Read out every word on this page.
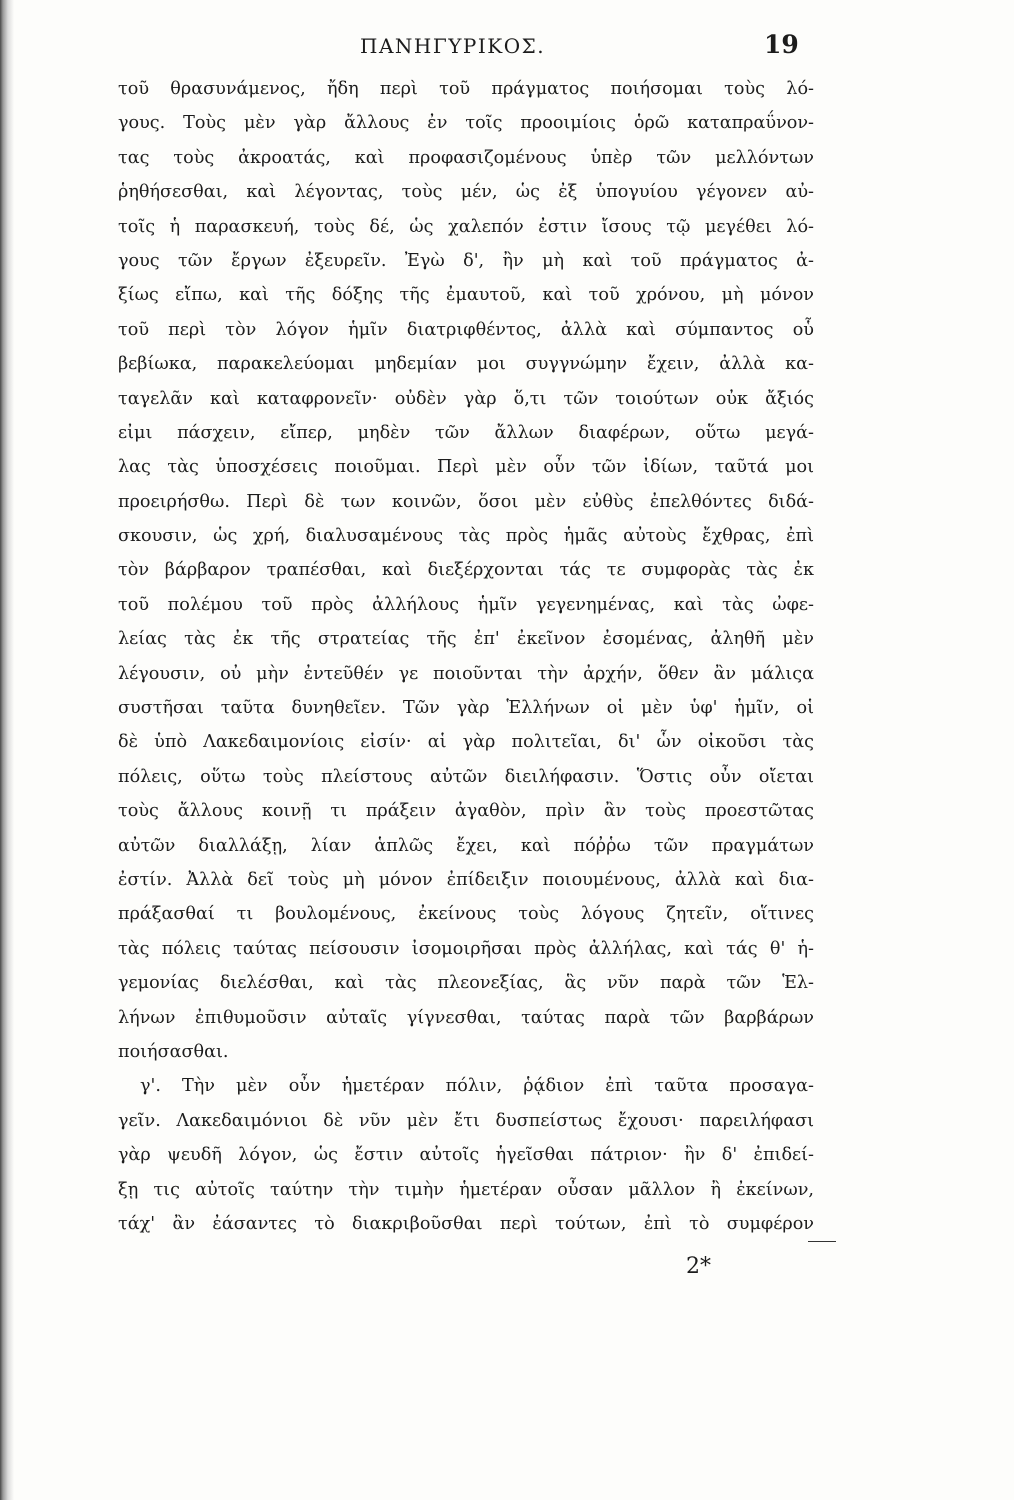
ΠΑΝΗΓΥΡΙΚΟΣ.	19
τοῦ θρασυνάμενος, ἤδη περὶ τοῦ πράγματος ποιήσομαι τοὺς λό-
γους. Τοὺς μὲν γὰρ ἄλλους ἐν τοῖς προοιμίοις ὁρῶ καταπραΰνον-
τας τοὺς ἀκροατάς, καὶ προφασιζομένους ὑπὲρ τῶν μελλόντων
ῥηθήσεσθαι, καὶ λέγοντας, τοὺς μέν, ὡς ἐξ ὑπογυίου γέγονεν αὐ-
τοῖς ἡ παρασκευή, τοὺς δέ, ὡς χαλεπόν ἐστιν ἴσους τῷ μεγέθει λό-
γους τῶν ἔργων ἐξευρεῖν. Ἐγὼ δ', ἢν μὴ καὶ τοῦ πράγματος ἀ-
ξίως εἴπω, καὶ τῆς δόξης τῆς ἐμαυτοῦ, καὶ τοῦ χρόνου, μὴ μόνον
τοῦ περὶ τὸν λόγον ἡμῖν διατριφθέντος, ἀλλὰ καὶ σύμπαντος οὗ
βεβίωκα, παρακελεύομαι μηδεμίαν μοι συγγνώμην ἔχειν, ἀλλὰ κα-
ταγελᾶν καὶ καταφρονεῖν· οὐδὲν γὰρ ὅ,τι τῶν τοιούτων οὐκ ἄξιός
εἰμι πάσχειν, εἴπερ, μηδὲν τῶν ἄλλων διαφέρων, οὕτω μεγά-
λας τὰς ὑποσχέσεις ποιοῦμαι. Περὶ μὲν οὖν τῶν ἰδίων, ταῦτά μοι
προειρήσθω. Περὶ δὲ των κοινῶν, ὅσοι μὲν εὐθὺς ἐπελθόντες διδά-
σκουσιν, ὡς χρή, διαλυσαμένους τὰς πρὸς ἡμᾶς αὐτοὺς ἔχθρας, ἐπὶ
τὸν βάρβαρον τραπέσθαι, καὶ διεξέρχονται τάς τε συμφορὰς τὰς ἐκ
τοῦ πολέμου τοῦ πρὸς ἀλλήλους ἡμῖν γεγενημένας, καὶ τὰς ὠφε-
λείας τὰς ἐκ τῆς στρατείας τῆς ἐπ' ἐκεῖνον ἐσομένας, ἀληθῆ μὲν
λέγουσιν, οὐ μὴν ἐντεῦθέν γε ποιοῦνται τὴν ἀρχήν, ὅθεν ἂν μάλιςα
συστῆσαι ταῦτα δυνηθεῖεν. Τῶν γὰρ Ἑλλήνων οἱ μὲν ὑφ' ἡμῖν, οἱ
δὲ ὑπὸ Λακεδαιμονίοις εἰσίν· αἱ γὰρ πολιτεῖαι, δι' ὧν οἰκοῦσι τὰς
πόλεις, οὕτω τοὺς πλείστους αὐτῶν διειλήφασιν. Ὅστις οὖν οἴεται
τοὺς ἄλλους κοινῇ τι πράξειν ἀγαθὸν, πρὶν ἂν τοὺς προεστῶτας
αὐτῶν διαλλάξῃ, λίαν ἁπλῶς ἔχει, καὶ πόῤῥω τῶν πραγμάτων
ἐστίν. Ἀλλὰ δεῖ τοὺς μὴ μόνον ἐπίδειξιν ποιουμένους, ἀλλὰ καὶ δια-
πράξασθαί τι βουλομένους, ἐκείνους τοὺς λόγους ζητεῖν, οἵτινες
τὰς πόλεις ταύτας πείσουσιν ἰσομοιρῆσαι πρὸς ἀλλήλας, καὶ τάς θ' ἡ-
γεμονίας διελέσθαι, καὶ τὰς πλεονεξίας, ἃς νῦν παρὰ τῶν Ἑλ-
λήνων ἐπιθυμοῦσιν αὐταῖς γίγνεσθαι, ταύτας παρὰ τῶν βαρβάρων
ποιήσασθαι.
γ'. Τὴν μὲν οὖν ἡμετέραν πόλιν, ῥᾴδιον ἐπὶ ταῦτα προσαγα-
γεῖν. Λακεδαιμόνιοι δὲ νῦν μὲν ἔτι δυσπείστως ἔχουσι· παρειλήφασι
γὰρ ψευδῆ λόγον, ὡς ἔστιν αὐτοῖς ἡγεῖσθαι πάτριον· ἢν δ' ἐπιδεί-
ξῃ τις αὐτοῖς ταύτην τὴν τιμὴν ἡμετέραν οὖσαν μᾶλλον ἢ ἐκείνων,
τάχ' ἂν ἐάσαντες τὸ διακριβοῦσθαι περὶ τούτων, ἐπὶ τὸ συμφέρον
2*
